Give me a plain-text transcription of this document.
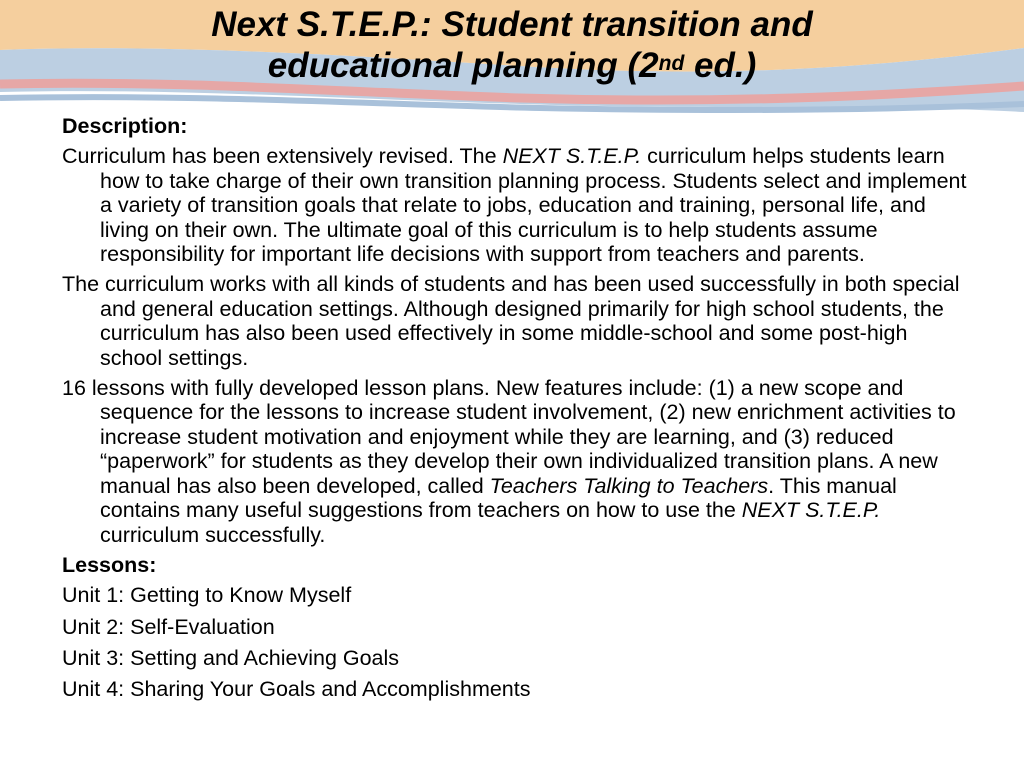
Next S.T.E.P.: Student transition and
educational planning (2nd ed.)
Description:
Curriculum has been extensively revised. The NEXT S.T.E.P. curriculum helps students learn how to take charge of their own transition planning process. Students select and implement a variety of transition goals that relate to jobs, education and training, personal life, and living on their own. The ultimate goal of this curriculum is to help students assume responsibility for important life decisions with support from teachers and parents.
The curriculum works with all kinds of students and has been used successfully in both special and general education settings. Although designed primarily for high school students, the curriculum has also been used effectively in some middle-school and some post-high school settings.
16 lessons with fully developed lesson plans. New features include: (1) a new scope and sequence for the lessons to increase student involvement, (2) new enrichment activities to increase student motivation and enjoyment while they are learning, and (3) reduced “paperwork” for students as they develop their own individualized transition plans. A new manual has also been developed, called Teachers Talking to Teachers. This manual contains many useful suggestions from teachers on how to use the NEXT S.T.E.P. curriculum successfully.
Lessons:
Unit 1: Getting to Know Myself
Unit 2: Self-Evaluation
Unit 3: Setting and Achieving Goals
Unit 4: Sharing Your Goals and Accomplishments
